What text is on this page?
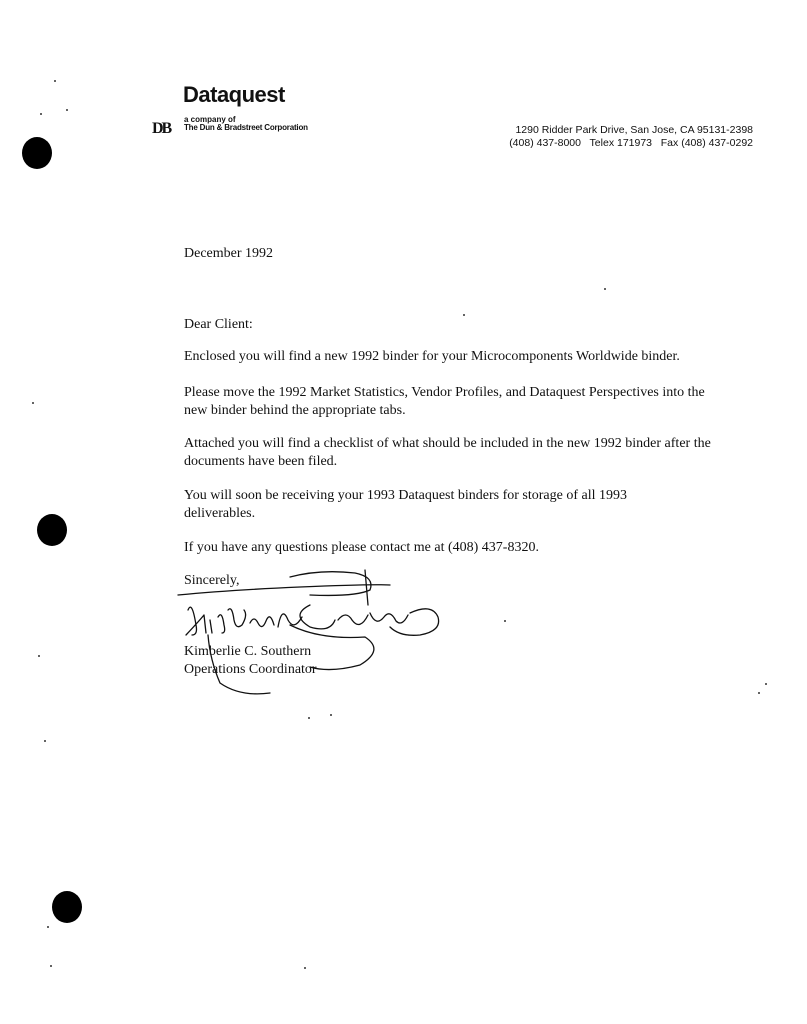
Dataquest
DB
a company of
The Dun & Bradstreet Corporation	1290 Ridder Park Drive, San Jose, CA 95131-2398
(408) 437-8000   Telex 171973   Fax (408) 437-0292
December 1992
Dear Client:
Enclosed you will find a new 1992 binder for your Microcomponents Worldwide binder.
Please move the 1992 Market Statistics, Vendor Profiles, and Dataquest Perspectives into the new binder behind the appropriate tabs.
Attached you will find a checklist of what should be included in the new 1992 binder after the documents have been filed.
You will soon be receiving your 1993 Dataquest binders for storage of all 1993 deliverables.
If you have any questions please contact me at (408) 437-8320.
Sincerely,
Kimberlie C. Southern
Operations Coordinator
